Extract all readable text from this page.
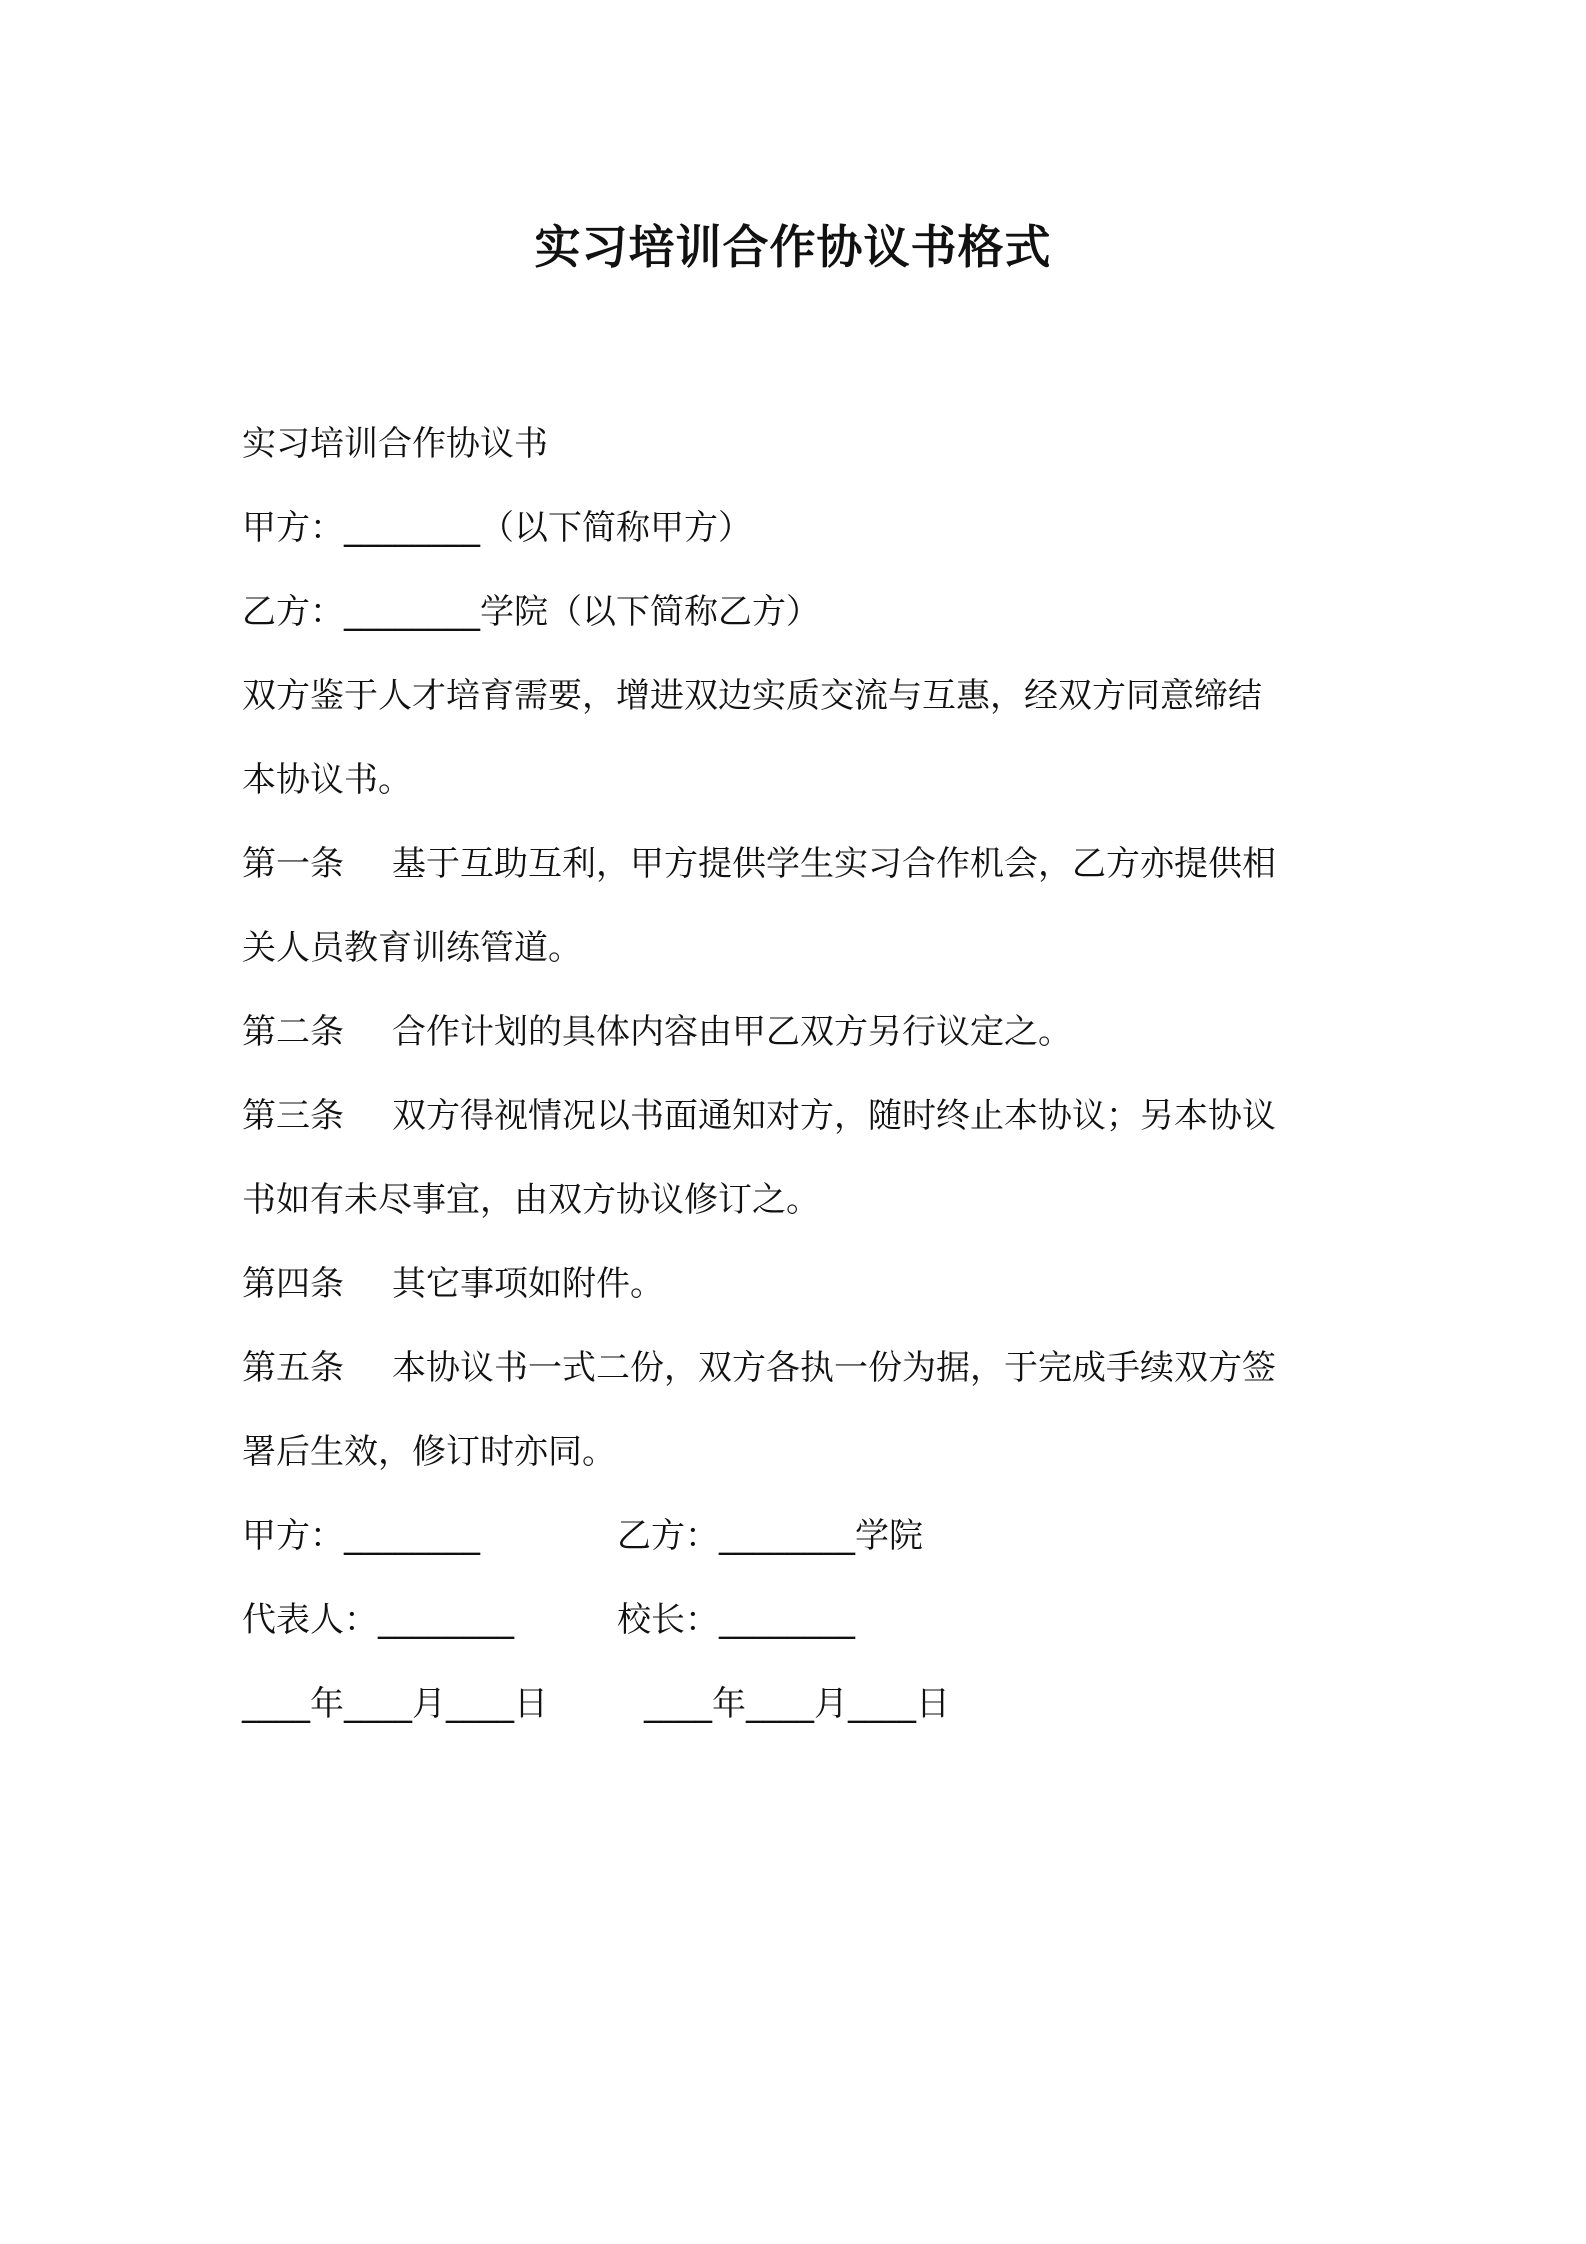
实习培训合作协议书格式
实习培训合作协议书
甲方：________（以下简称甲方）
乙方：________学院（以下简称乙方）
双方鉴于人才培育需要，增进双边实质交流与互惠，经双方同意缔结
本协议书。
第一条 基于互助互利，甲方提供学生实习合作机会，乙方亦提供相
关人员教育训练管道。
第二条 合作计划的具体内容由甲乙双方另行议定之。
第三条 双方得视情况以书面通知对方，随时终止本协议；另本协议
书如有未尽事宜，由双方协议修订之。
第四条 其它事项如附件。
第五条 本协议书一式二份，双方各执一份为据，于完成手续双方签
署后生效，修订时亦同。
甲方：________	乙方：________学院
代表人：________	校长：________
____年____月____日	____年____月____日
